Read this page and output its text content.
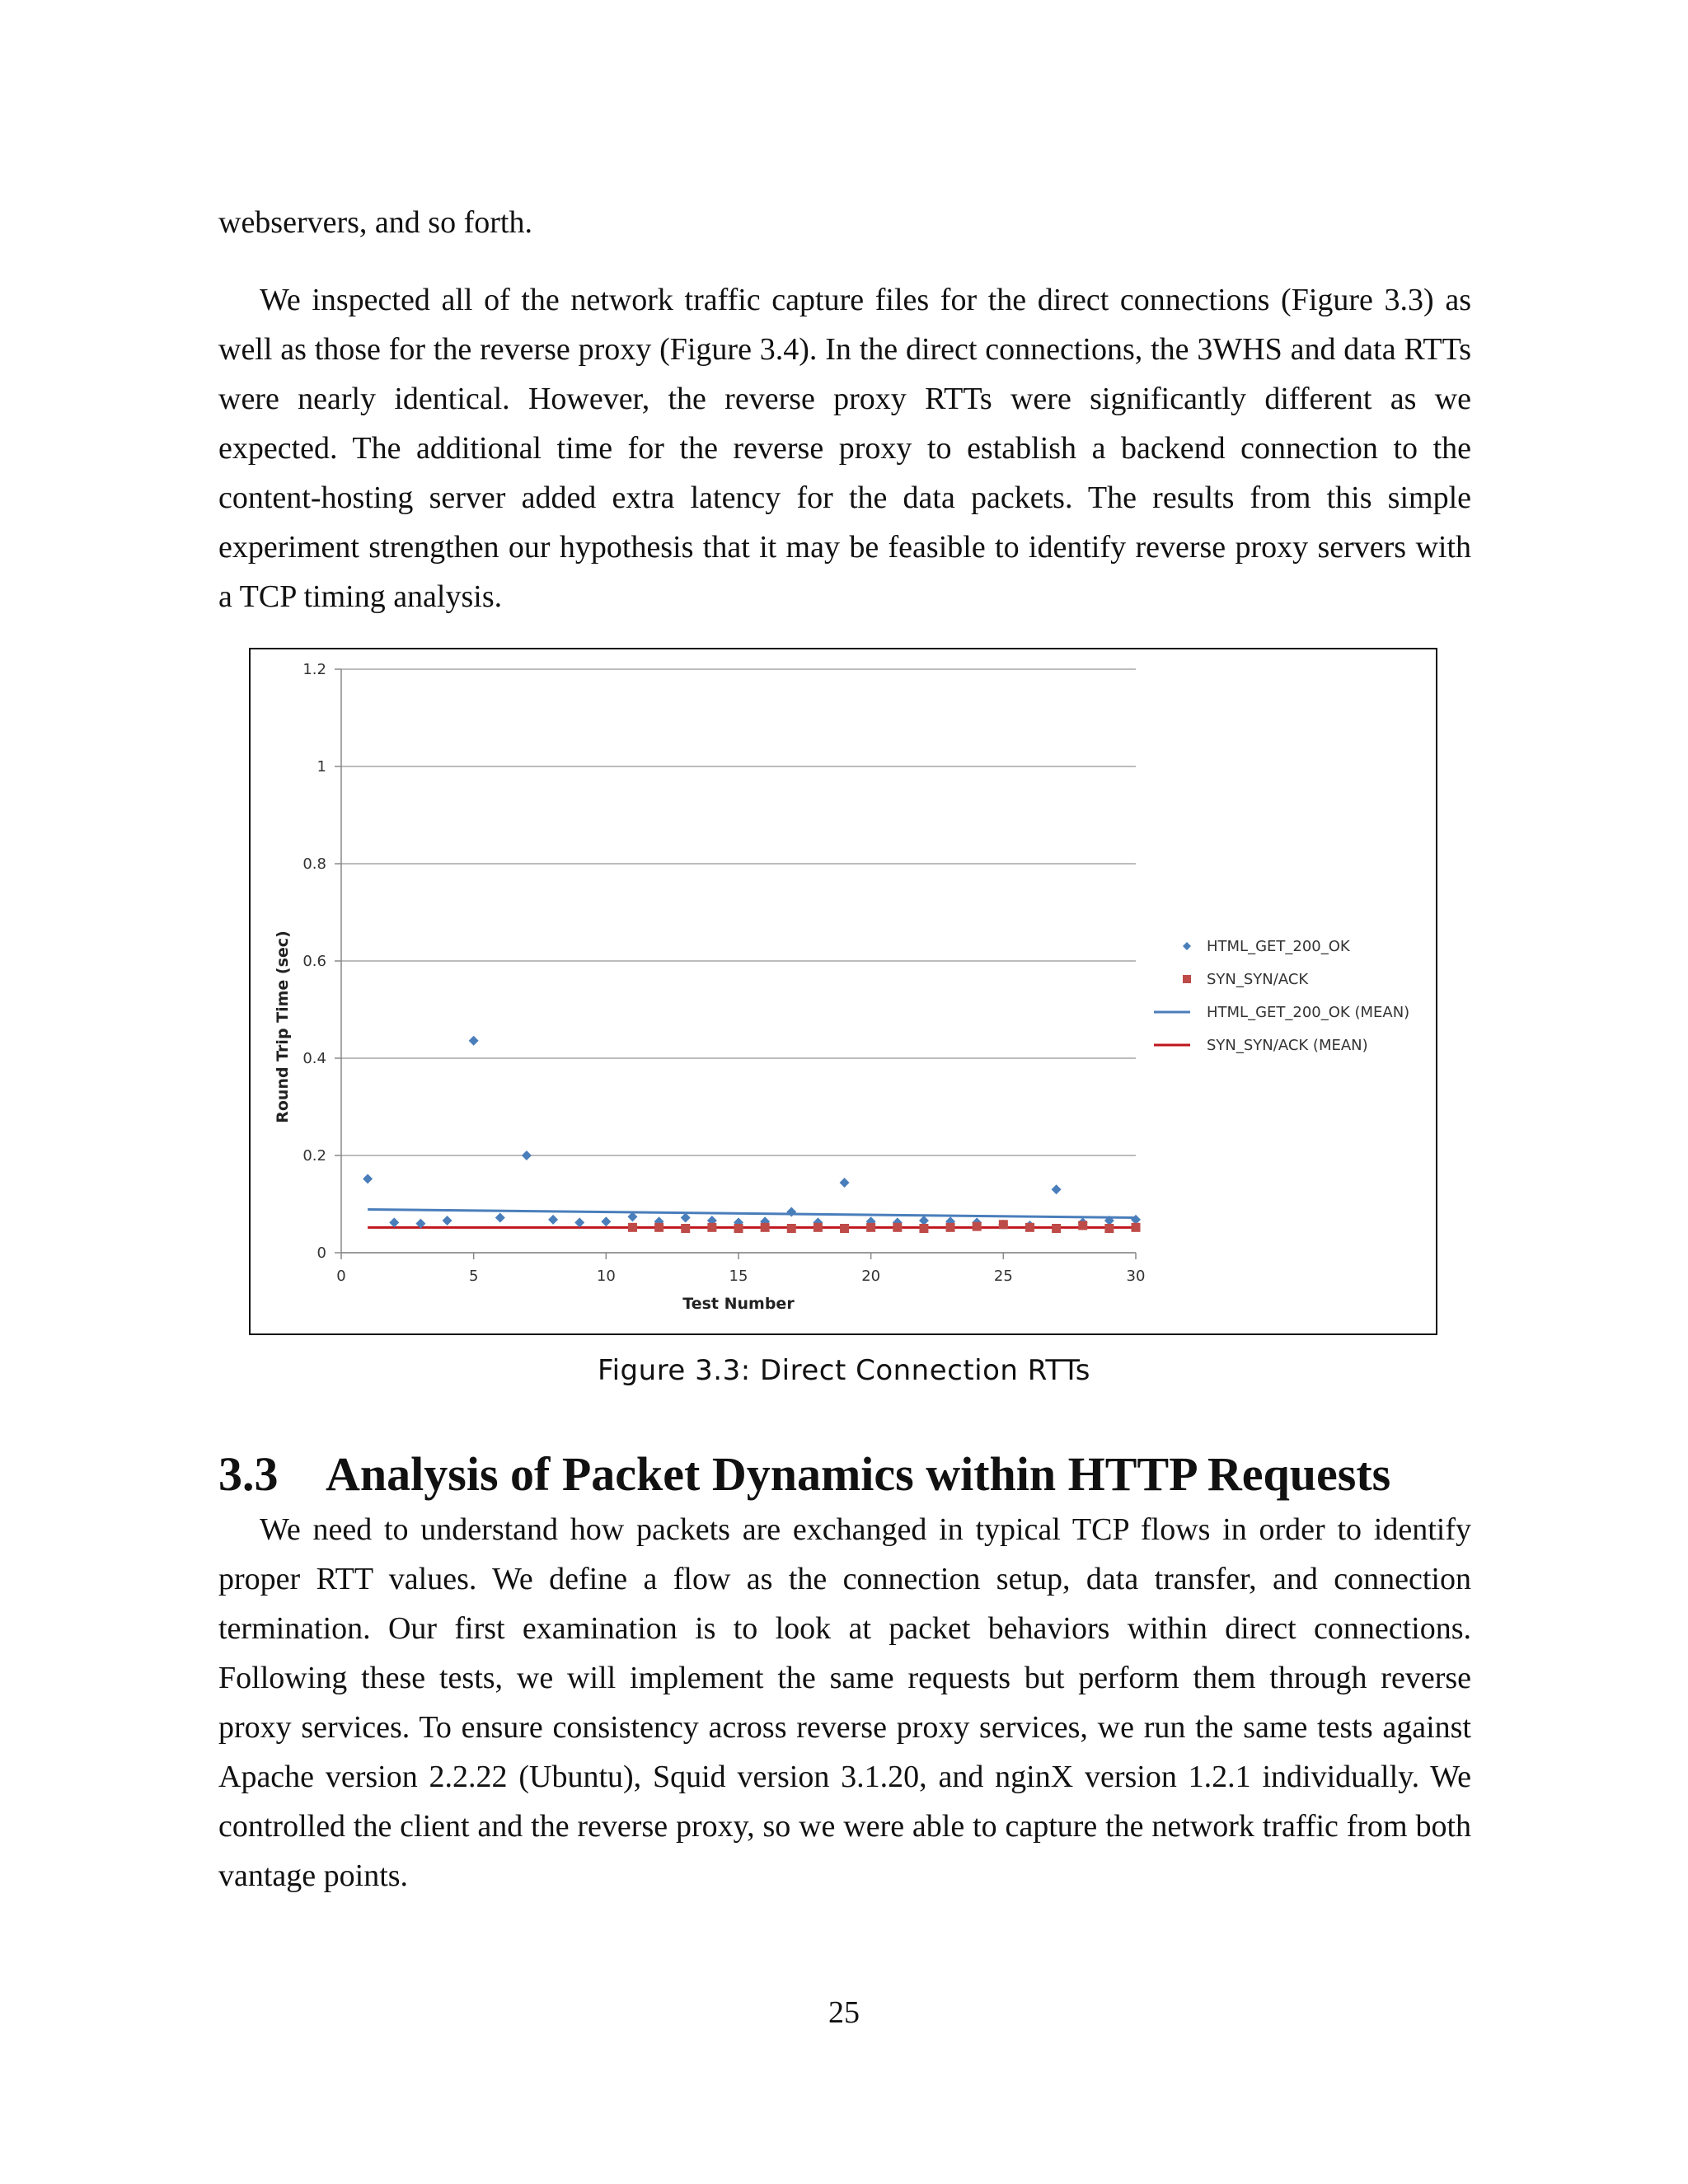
webservers, and so forth.

We inspected all of the network traffic capture files for the direct connections (Figure 3.3) as well as those for the reverse proxy (Figure 3.4). In the direct connections, the 3WHS and data RTTs were nearly identical. However, the reverse proxy RTTs were significantly different as we expected. The additional time for the reverse proxy to establish a backend connection to the content-hosting server added extra latency for the data packets. The results from this simple experiment strengthen our hypothesis that it may be feasible to identify reverse proxy servers with a TCP timing analysis.

0
0.2
0.4
0.6
0.8
1
1.2
0	5	10	15	20	25	30
Test Number
Round Trip Time (sec)	HTML_GET_200_OK
SYN_SYN/ACK
HTML_GET_200_OK (MEAN)
SYN_SYN/ACK (MEAN)
Figure 3.3: Direct Connection RTTs
3.3 Analysis of Packet Dynamics within HTTP Requests

We need to understand how packets are exchanged in typical TCP flows in order to identify proper RTT values. We define a flow as the connection setup, data transfer, and connection termination. Our first examination is to look at packet behaviors within direct connections. Following these tests, we will implement the same requests but perform them through reverse proxy services. To ensure consistency across reverse proxy services, we run the same tests against Apache version 2.2.22 (Ubuntu), Squid version 3.1.20, and nginX version 1.2.1 individually. We controlled the client and the reverse proxy, so we were able to capture the network traffic from both vantage points.

25
